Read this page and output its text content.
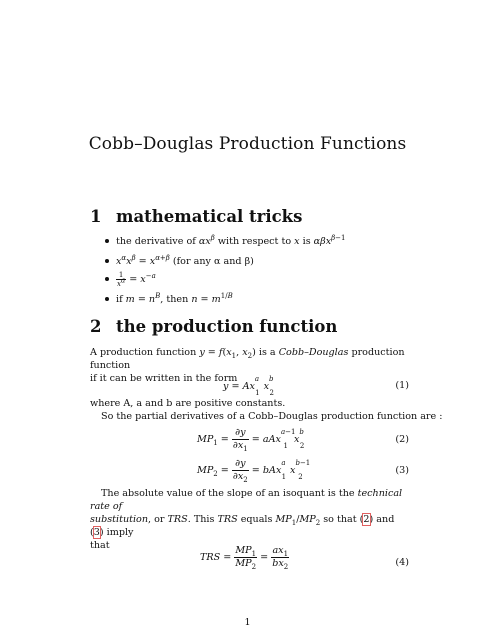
Cobb–Douglas Production Functions
1 mathematical tricks
the derivative of $\alpha x^\beta$ with respect to x is αβx$^{\beta-1}$
$x^\alpha x^\beta = x^{\alpha+\beta}$ (for any α and β)
$\frac{1}{x^a} = x^{-a}$
if $m = n^B$, then $n = m^{1/B}$
2 the production function
A production function $y = f(x_1$, $x_2$) is a Cobb–Douglas production function
if it can be written in the form
$y = Ax^a_1x^b_2$
(1)
where A, a and b are positive constants.
So the partial derivatives of a Cobb–Douglas production function are :
$MP_1 = \frac{\partial y}{\partial x_1} = aAx^{a-1}_1x^b_2$
(2)
$MP_2 = \frac{\partial y}{\partial x_2} = bAx^a_1x^{b-1}_2$
(3)
The absolute value of the slope of an isoquant is the technical rate of
substitution, or TRS. This TRS equals $MP_1/MP_2$ so that (2) and (3) imply
that
TRS = $\frac{MP_1}{MP_2} = \frac{ax_1}{bx_2}$	(4)
1
